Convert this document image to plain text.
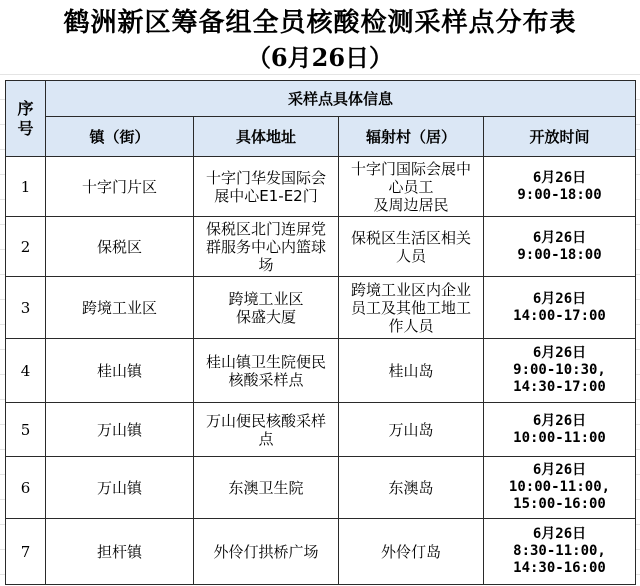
鹤洲新区筹备组全员核酸检测采样点分布表
（6月26日）
序
号	采样点具体信息			
	镇（街）	具体地址	辐射村（居）	开放时间
1	十字门片区	十字门华发国际会
展中心E1-E2门	十字门国际会展中
心员工
及周边居民	6月26日
9:00-18:00

2	保税区	保税区北门连屏党
群服务中心内篮球
场	保税区生活区相关
人员	6月26日
9:00-18:00

3	跨境工业区	跨境工业区
保盛大厦	跨境工业区内企业
员工及其他工地工
作人员	6月26日
14:00-17:00

4	桂山镇	桂山镇卫生院便民
核酸采样点	桂山岛	6月26日
9:00-10:30,
14:30-17:00

5	万山镇	万山便民核酸采样
点	万山岛	6月26日
10:00-11:00

6	万山镇	东澳卫生院	东澳岛	6月26日
10:00-11:00,
15:00-16:00

7	担杆镇	外伶仃拱桥广场	外伶仃岛	6月26日
8:30-11:00,
14:30-16:00
